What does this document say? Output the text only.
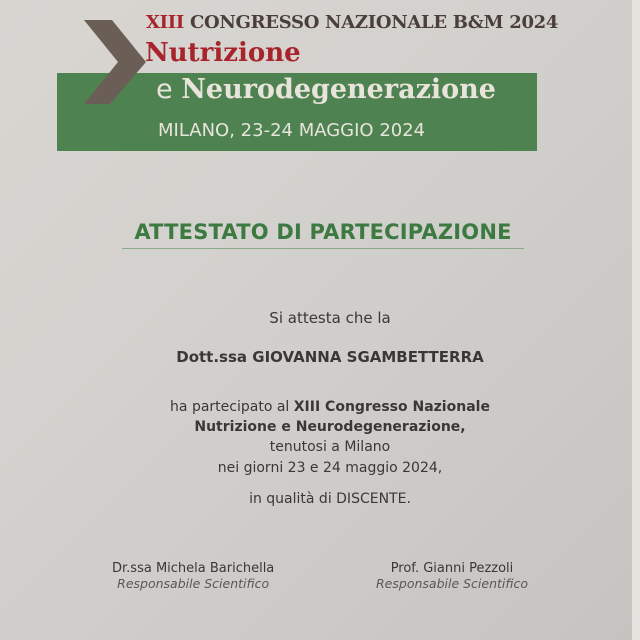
XIII CONGRESSO NAZIONALE B&M 2024
Nutrizione
e Neurodegenerazione
MILANO, 23-24 MAGGIO 2024
ATTESTATO DI PARTECIPAZIONE
Si attesta che la
Dott.ssa GIOVANNA SGAMBETTERRA
ha partecipato al XIII Congresso Nazionale
Nutrizione e Neurodegenerazione,
tenutosi a Milano
nei giorni 23 e 24 maggio 2024,
in qualità di DISCENTE.
Dr.ssa Michela Barichella
Responsabile Scientifico
Prof. Gianni Pezzoli
Responsabile Scientifico
